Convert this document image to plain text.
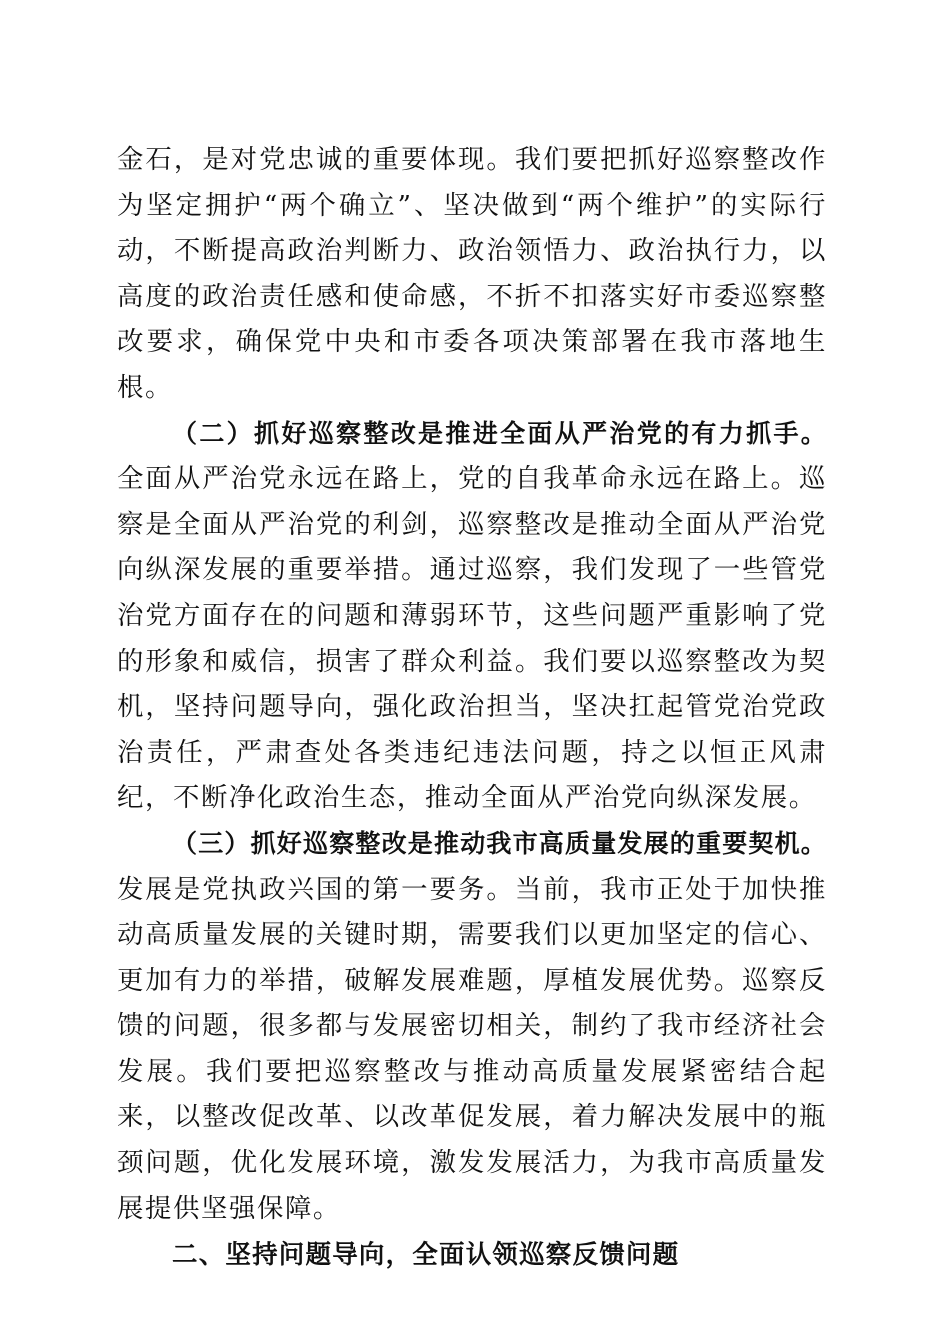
金石，是对党忠诚的重要体现。我们要把抓好巡察整改作为坚定拥护“两个确立”、坚决做到“两个维护”的实际行动，不断提高政治判断力、政治领悟力、政治执行力，以高度的政治责任感和使命感，不折不扣落实好市委巡察整改要求，确保党中央和市委各项决策部署在我市落地生根。

（二）抓好巡察整改是推进全面从严治党的有力抓手。全面从严治党永远在路上，党的自我革命永远在路上。巡察是全面从严治党的利剑，巡察整改是推动全面从严治党向纵深发展的重要举措。通过巡察，我们发现了一些管党治党方面存在的问题和薄弱环节，这些问题严重影响了党的形象和威信，损害了群众利益。我们要以巡察整改为契机，坚持问题导向，强化政治担当，坚决扛起管党治党政治责任，严肃查处各类违纪违法问题，持之以恒正风肃纪，不断净化政治生态，推动全面从严治党向纵深发展。

（三）抓好巡察整改是推动我市高质量发展的重要契机。发展是党执政兴国的第一要务。当前，我市正处于加快推动高质量发展的关键时期，需要我们以更加坚定的信心、更加有力的举措，破解发展难题，厚植发展优势。巡察反馈的问题，很多都与发展密切相关，制约了我市经济社会发展。我们要把巡察整改与推动高质量发展紧密结合起来，以整改促改革、以改革促发展，着力解决发展中的瓶颈问题，优化发展环境，激发发展活力，为我市高质量发展提供坚强保障。

二、坚持问题导向，全面认领巡察反馈问题
